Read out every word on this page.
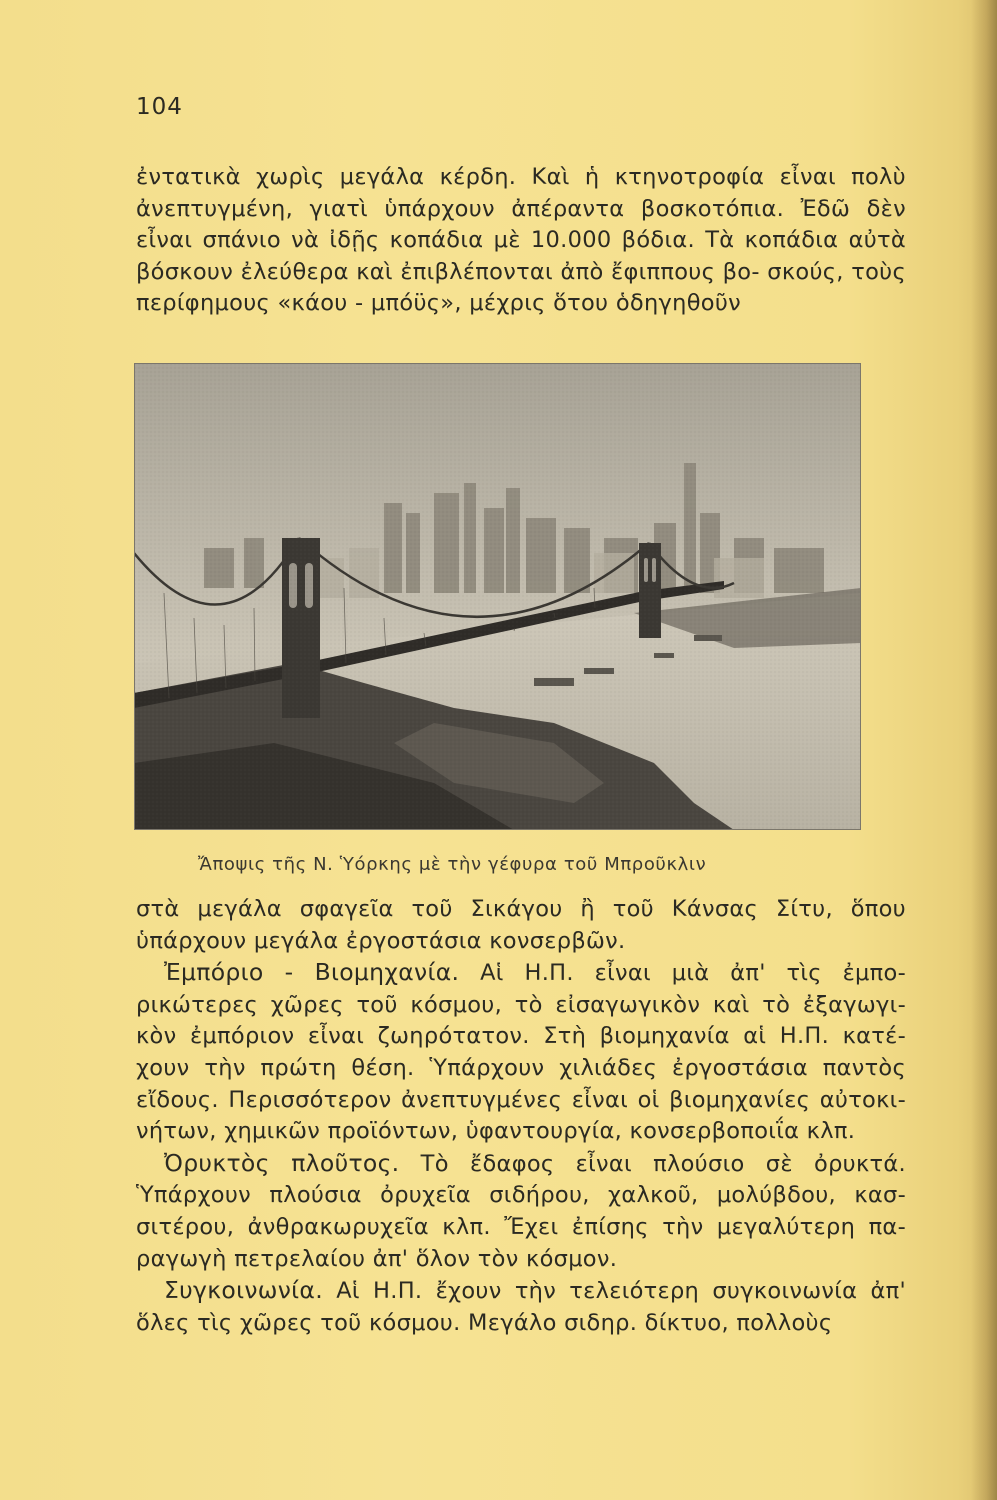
104

ἐντατικὰ χωρὶς μεγάλα κέρδη. Καὶ ἡ κτηνοτροφία εἶναι πολὺ ἀνεπτυγμένη, γιατὶ ὑπάρχουν ἀπέραντα βοσκοτόπια. Ἐδῶ δὲν εἶναι σπάνιο νὰ ἰδῇς κοπάδια μὲ 10.000 βόδια. Τὰ κοπάδια αὐτὰ βόσκουν ἐλεύθερα καὶ ἐπιβλέπονται ἀπὸ ἔφιππους βο- σκούς, τοὺς περίφημους «κάου - μπόϋς», μέχρις ὅτου ὁδηγηθοῦν

Ἄποψις τῆς Ν. Ὑόρκης μὲ τὴν γέφυρα τοῦ Μπροῦκλιν

στὰ μεγάλα σφαγεῖα τοῦ Σικάγου ἢ τοῦ Κάνσας Σίτυ, ὅπου ὑπάρχουν μεγάλα ἐργοστάσια κονσερβῶν.

Ἐμπόριο - Βιομηχανία. Αἱ Η.Π. εἶναι μιὰ ἀπ' τὶς ἐμπο- ρικώτερες χῶρες τοῦ κόσμου, τὸ εἰσαγωγικὸν καὶ τὸ ἐξαγωγι- κὸν ἐμπόριον εἶναι ζωηρότατον. Στὴ βιομηχανία αἱ Η.Π. κατέ- χουν τὴν πρώτη θέση. Ὑπάρχουν χιλιάδες ἐργοστάσια παντὸς εἴδους. Περισσότερον ἀνεπτυγμένες εἶναι οἱ βιομηχανίες αὐτοκι- νήτων, χημικῶν προϊόντων, ὑφαντουργία, κονσερβοποιΐα κλπ.

Ὀρυκτὸς πλοῦτος. Τὸ ἔδαφος εἶναι πλούσιο σὲ ὀρυκτά. Ὑπάρχουν πλούσια ὀρυχεῖα σιδήρου, χαλκοῦ, μολύβδου, κασ- σιτέρου, ἀνθρακωρυχεῖα κλπ. Ἔχει ἐπίσης τὴν μεγαλύτερη πα- ραγωγὴ πετρελαίου ἀπ' ὅλον τὸν κόσμον.

Συγκοινωνία. Αἱ Η.Π. ἔχουν τὴν τελειότερη συγκοινωνία ἀπ' ὅλες τὶς χῶρες τοῦ κόσμου. Μεγάλο σιδηρ. δίκτυο, πολλοὺς
